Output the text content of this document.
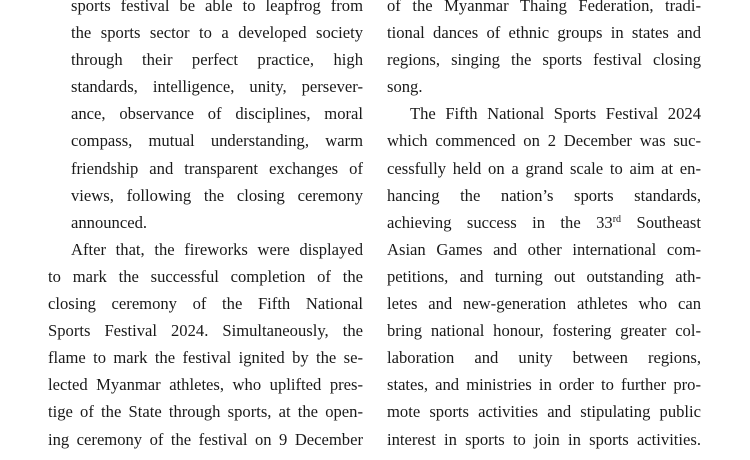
sports festival be able to leapfrog from
the sports sector to a developed society
through their perfect practice, high
standards, intelligence, unity, persever-
ance, observance of disciplines, moral
compass, mutual understanding, warm
friendship and transparent exchanges of
views, following the closing ceremony
announced.
After that, the fireworks were displayed
to mark the successful completion of the
closing ceremony of the Fifth National
Sports Festival 2024. Simultaneously, the
flame to mark the festival ignited by the se-
lected Myanmar athletes, who uplifted pres-
tige of the State through sports, at the open-
ing ceremony of the festival on 9 December
of the Myanmar Thaing Federation, tradi-
tional dances of ethnic groups in states and
regions, singing the sports festival closing
song.
The Fifth National Sports Festival 2024
which commenced on 2 December was suc-
cessfully held on a grand scale to aim at en-
hancing the nation’s sports standards,
achieving success in the 33rd Southeast
Asian Games and other international com-
petitions, and turning out outstanding ath-
letes and new-generation athletes who can
bring national honour, fostering greater col-
laboration and unity between regions,
states, and ministries in order to further pro-
mote sports activities and stipulating public
interest in sports to join in sports activities.
